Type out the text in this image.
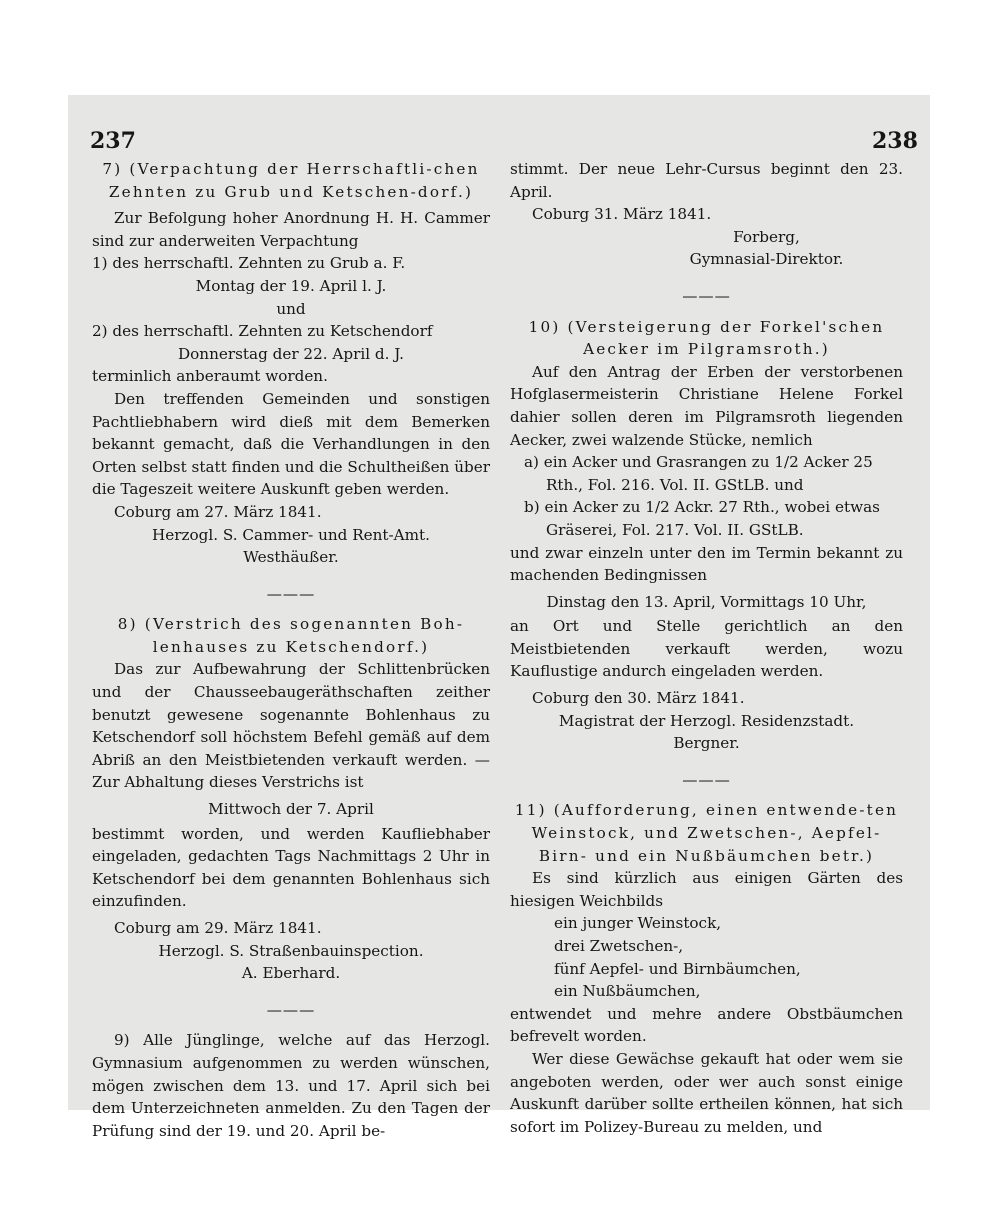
237	238

7) (Verpachtung der Herrschaftli-chen Zehnten zu Grub und Ketschen-dorf.)

Zur Befolgung hoher Anordnung H. H. Cammer sind zur anderweiten Verpachtung

1) des herrschaftl. Zehnten zu Grub a. F.

Montag der 19. April l. J.

und

2) des herrschaftl. Zehnten zu Ketschendorf

Donnerstag der 22. April d. J.

terminlich anberaumt worden.

Den treffenden Gemeinden und sonstigen Pachtliebhabern wird dieß mit dem Bemerken bekannt gemacht, daß die Verhandlungen in den Orten selbst statt finden und die Schultheißen über die Tageszeit weitere Auskunft geben werden.

Coburg am 27. März 1841.

Herzogl. S. Cammer- und Rent-Amt.

Westhäußer.

———

8) (Verstrich des sogenannten Boh-lenhauses zu Ketschendorf.)

Das zur Aufbewahrung der Schlittenbrücken und der Chausseebaugeräthschaften zeither benutzt gewesene sogenannte Bohlenhaus zu Ketschendorf soll höchstem Befehl gemäß auf dem Abriß an den Meistbietenden verkauft werden. — Zur Abhaltung dieses Verstrichs ist

Mittwoch der 7. April

bestimmt worden, und werden Kaufliebhaber eingeladen, gedachten Tags Nachmittags 2 Uhr in Ketschendorf bei dem genannten Bohlenhaus sich einzufinden.

Coburg am 29. März 1841.

Herzogl. S. Straßenbauinspection.

A. Eberhard.

———

9) Alle Jünglinge, welche auf das Herzogl. Gymnasium aufgenommen zu werden wünschen, mögen zwischen dem 13. und 17. April sich bei dem Unterzeichneten anmelden. Zu den Tagen der Prüfung sind der 19. und 20. April be-

stimmt. Der neue Lehr-Cursus beginnt den 23. April.

Coburg 31. März 1841.

Forberg,

Gymnasial-Direktor.

———

10) (Versteigerung der Forkel'schen Aecker im Pilgramsroth.)

Auf den Antrag der Erben der verstorbenen Hofglasermeisterin Christiane Helene Forkel dahier sollen deren im Pilgramsroth liegenden Aecker, zwei walzende Stücke, nemlich

a) ein Acker und Grasrangen zu 1/2 Acker 25 Rth., Fol. 216. Vol. II. GStLB. und

b) ein Acker zu 1/2 Ackr. 27 Rth., wobei etwas Gräserei, Fol. 217. Vol. II. GStLB.

und zwar einzeln unter den im Termin bekannt zu machenden Bedingnissen

Dinstag den 13. April, Vormittags 10 Uhr,

an Ort und Stelle gerichtlich an den Meistbietenden verkauft werden, wozu Kauflustige andurch eingeladen werden.

Coburg den 30. März 1841.

Magistrat der Herzogl. Residenzstadt.

Bergner.

———

11) (Aufforderung, einen entwende-ten Weinstock, und Zwetschen-, Aepfel-Birn- und ein Nußbäumchen betr.)

Es sind kürzlich aus einigen Gärten des hiesigen Weichbilds

ein junger Weinstock,

drei Zwetschen-,

fünf Aepfel- und Birnbäumchen,

ein Nußbäumchen,

entwendet und mehre andere Obstbäumchen befrevelt worden.

Wer diese Gewächse gekauft hat oder wem sie angeboten werden, oder wer auch sonst einige Auskunft darüber sollte ertheilen können, hat sich sofort im Polizey-Bureau zu melden, und
